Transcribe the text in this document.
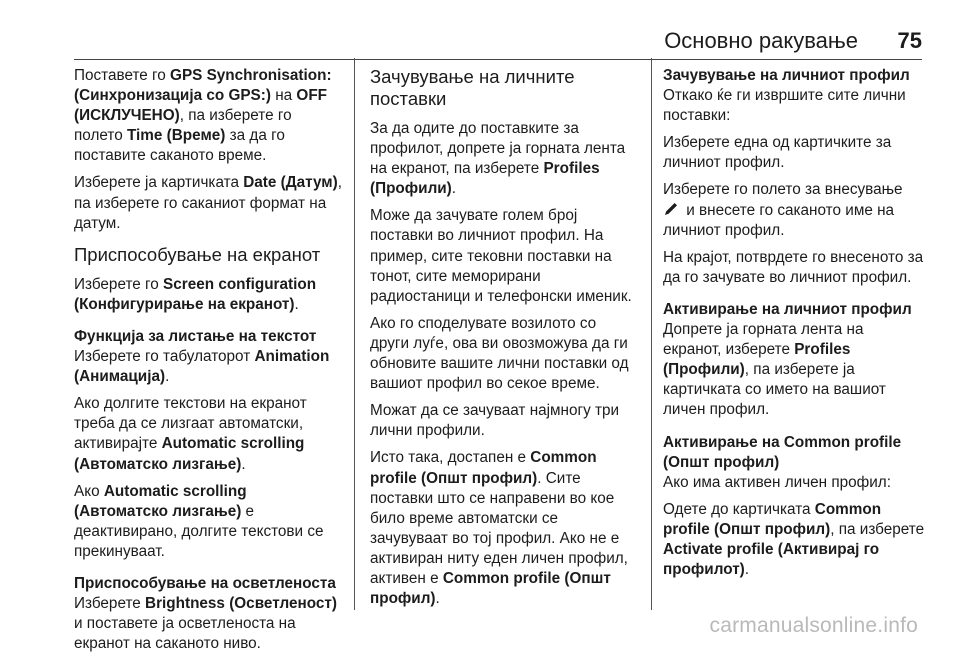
Основно ракување 75

Поставете го GPS Synchronisation: (Синхронизација со GPS:) на OFF (ИСКЛУЧЕНО), па изберете го полето Time (Време) за да го поставите саканото време.

Изберете ја картичката Date (Датум), па изберете го саканиот формат на датум.

Приспособување на екранот

Изберете го Screen configuration (Конфигурирање на екранот).

Функција за листање на текстот

Изберете го табулаторот Animation (Анимација).

Ако долгите текстови на екранот треба да се лизгаат автоматски, активирајте Automatic scrolling (Автоматско лизгање).

Ако Automatic scrolling (Автоматско лизгање) е деактивирано, долгите текстови се прекинуваат.

Приспособување на осветленоста

Изберете Brightness (Осветленост) и поставете ја осветленоста на екранот на саканото ниво.

Зачувување на личните поставки

За да одите до поставките за профилот, допрете ја горната лента на екранот, па изберете Profiles (Профили).

Може да зачувате голем број поставки во личниот профил. На пример, сите тековни поставки на тонот, сите меморирани радиостаници и телефонски именик.

Ако го споделувате возилото со други луѓе, ова ви овозможува да ги обновите вашите лични поставки од вашиот профил во секое време.

Можат да се зачуваат најмногу три лични профили.

Исто така, достапен е Common profile (Општ профил). Сите поставки што се направени во кое било време автоматски се зачувуваат во тој профил. Ако не е активиран ниту еден личен профил, активен е Common profile (Општ профил).

Зачувување на личниот профил

Откако ќе ги извршите сите лични поставки:

Изберете една од картичките за личниот профил.

Изберете го полето за внесување
и внесете го саканото име на личниот профил.

На крајот, потврдете го внесеното за да го зачувате во личниот профил.

Активирање на личниот профил

Допрете ја горната лента на екранот, изберете Profiles (Профили), па изберете ја картичката со името на вашиот личен профил.

Активирање на Common profile (Општ профил)

Ако има активен личен профил:

Одете до картичката Common profile (Општ профил), па изберете Activate profile (Активирај го профилот).

carmanualsonline.info
